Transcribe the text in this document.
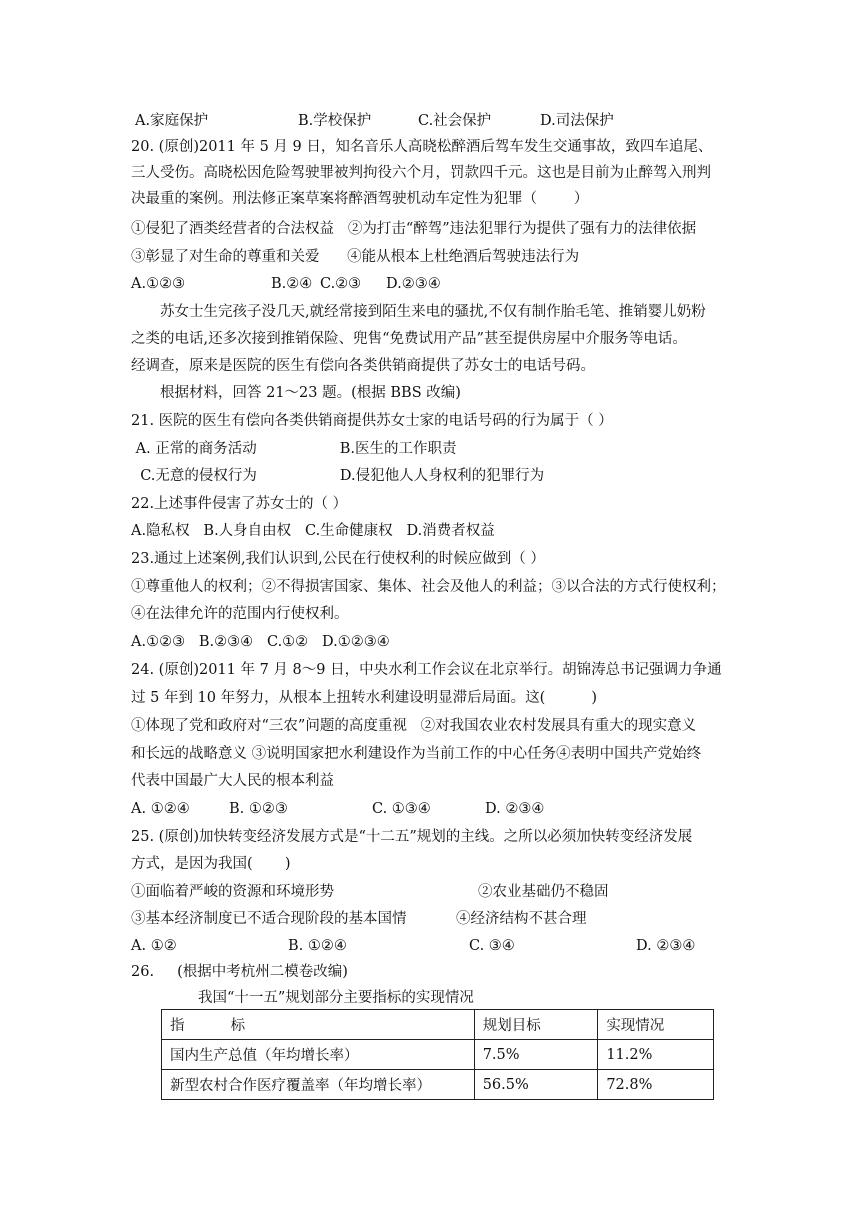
A.家庭保护	B.学校保护	C.社会保护	D.司法保护
20. (原创)2011 年 5 月 9 日，知名音乐人高晓松醉酒后驾车发生交通事故，致四车追尾、
三人受伤。高晓松因危险驾驶罪被判拘役六个月，罚款四千元。这也是目前为止醉驾入刑判
决最重的案例。刑法修正案草案将醉酒驾驶机动车定性为犯罪（        ）
①侵犯了酒类经营者的合法权益   ②为打击“醉驾”违法犯罪行为提供了强有力的法律依据
③彰显了对生命的尊重和关爱      ④能从根本上杜绝酒后驾驶违法行为
A.①②③	B.②④ C.②③ D.②③④
苏女士生完孩子没几天,就经常接到陌生来电的骚扰,不仅有制作胎毛笔、推销婴儿奶粉
之类的电话,还多次接到推销保险、兜售“免费试用产品”甚至提供房屋中介服务等电话。
经调查，原来是医院的医生有偿向各类供销商提供了苏女士的电话号码。
根据材料，回答 21～23 题。(根据 BBS 改编)
21. 医院的医生有偿向各类供销商提供苏女士家的电话号码的行为属于（ ）
A. 正常的商务活动                  B.医生的工作职责
C.无意的侵权行为                  D.侵犯他人人身权利的犯罪行为
22.上述事件侵害了苏女士的（ ）
A.隐私权   B.人身自由权   C.生命健康权   D.消费者权益
23.通过上述案例,我们认识到,公民在行使权利的时候应做到（ ）
①尊重他人的权利；②不得损害国家、集体、社会及他人的利益；③以合法的方式行使权利；
④在法律允许的范围内行使权利。
A.①②③   B.②③④   C.①②   D.①②③④
24. (原创)2011 年 7 月 8～9 日，中央水利工作会议在北京举行。胡锦涛总书记强调力争通
过 5 年到 10 年努力，从根本上扭转水利建设明显滞后局面。这(          )
①体现了党和政府对“三农”问题的高度重视   ②对我国农业农村发展具有重大的现实意义
和长远的战略意义 ③说明国家把水利建设作为当前工作的中心任务④表明中国共产党始终
代表中国最广大人民的根本利益
A. ①②④	B. ①②③	C. ①③④	D. ②③④
25. (原创)加快转变经济发展方式是“十二五”规划的主线。之所以必须加快转变经济发展
方式，是因为我国(       )
①面临着严峻的资源和环境形势	②农业基础仍不稳固
③基本经济制度已不适合现阶段的基本国情	④经济结构不甚合理
A. ①②	B. ①②④	C. ③④	D. ②③④
26.     (根据中考杭州二模卷改编)
我国“十一五”规划部分主要指标的实现情况
指          标	规划目标	实现情况
国内生产总值（年均增长率）	7.5%	11.2%
新型农村合作医疗覆盖率（年均增长率）	56.5%	72.8%
